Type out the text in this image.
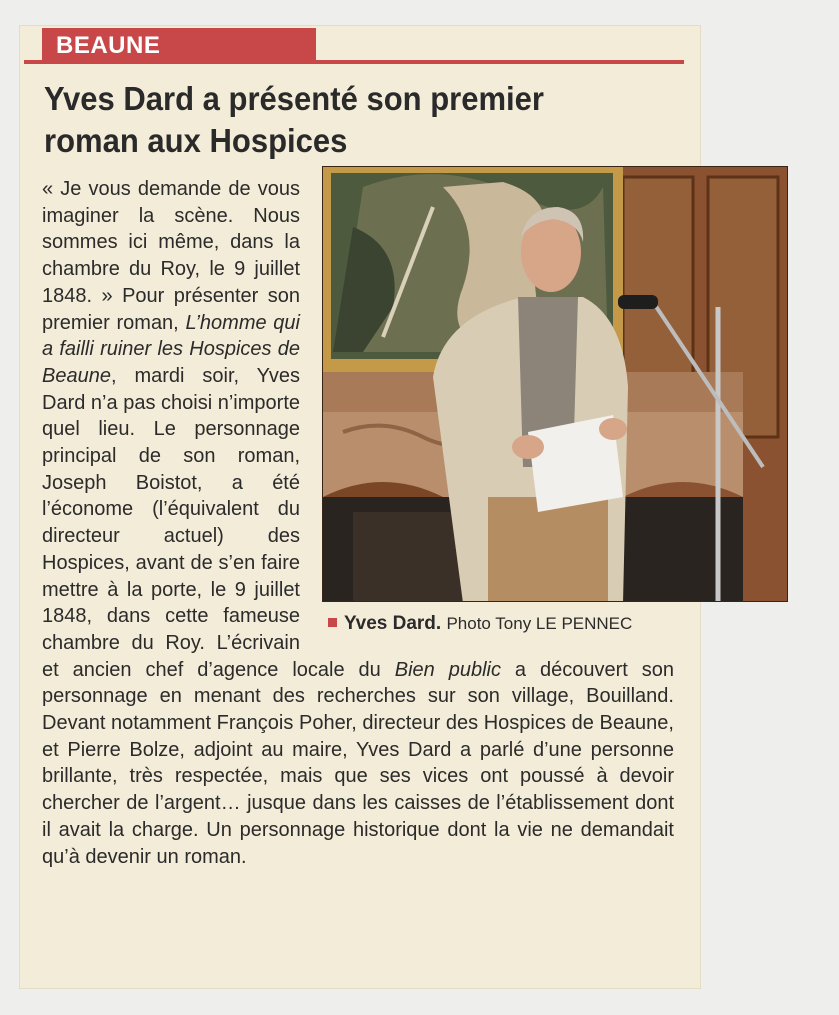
BEAUNE
Yves Dard a présenté son premier roman aux Hospices

« Je vous demande de vous imaginer la scène. Nous sommes ici même, dans la chambre du Roy, le 9 juillet 1848. » Pour présenter son premier roman, L’homme qui a failli ruiner les Hospices de Beaune, mardi soir, Yves Dard n’a pas choisi n’importe quel lieu. Le personnage principal de son roman, Joseph Boistot, a été l’économe (l’équivalent du directeur actuel) des Hospices, avant de s’en faire mettre à la porte, le 9 juillet 1848, dans cette fameuse chambre du Roy. L’écrivain et ancien chef d’agence locale du Bien public a découvert son personnage en menant des recherches sur son village, Bouilland. Devant notamment François Poher, directeur des Hospices de Beaune, et Pierre Bolze, adjoint au maire, Yves Dard a parlé d’une personne brillante, très respectée, mais que ses vices ont poussé à devoir chercher de l’argent… jusque dans les caisses de l’établissement dont il avait la charge. Un personnage historique dont la vie ne demandait qu’à devenir un roman.

Yves Dard. Photo Tony LE PENNEC
